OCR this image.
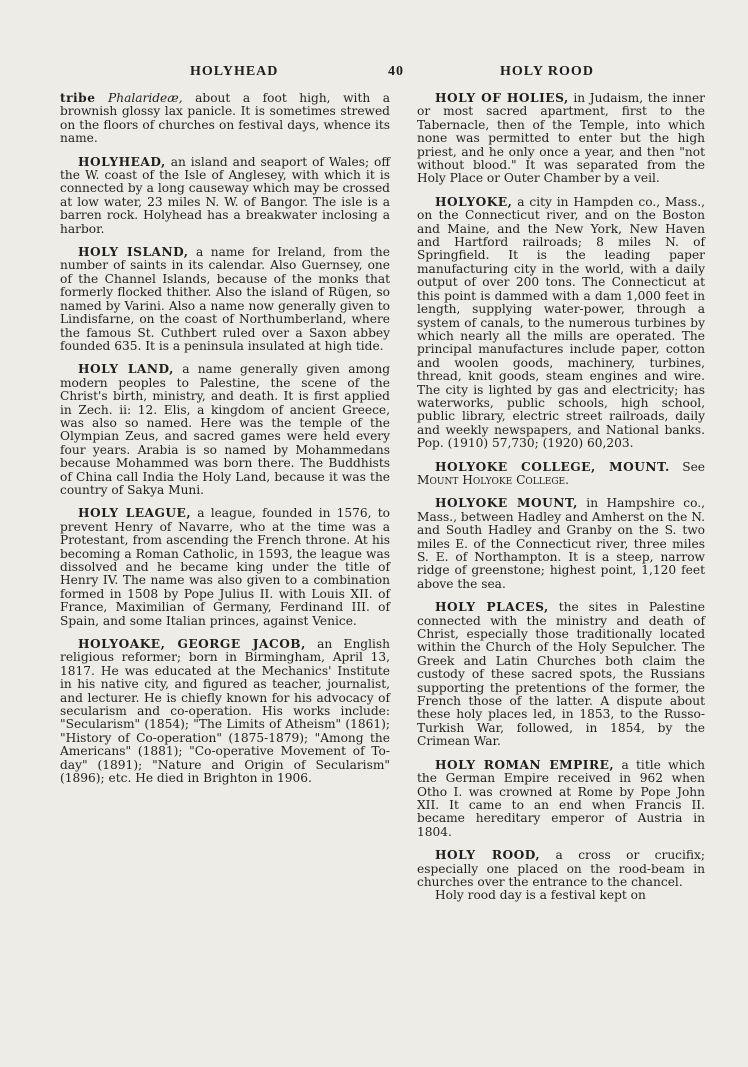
HOLYHEAD	40	HOLY ROOD

tribe Phalarideæ, about a foot high, with a brownish glossy lax panicle. It is sometimes strewed on the floors of churches on festival days, whence its name.

HOLYHEAD, an island and seaport of Wales; off the W. coast of the Isle of Anglesey, with which it is connected by a long causeway which may be crossed at low water, 23 miles N. W. of Bangor. The isle is a barren rock. Holyhead has a breakwater inclosing a harbor.

HOLY ISLAND, a name for Ireland, from the number of saints in its calendar. Also Guernsey, one of the Channel Islands, because of the monks that formerly flocked thither. Also the island of Rügen, so named by Varini. Also a name now generally given to Lindisfarne, on the coast of Northumberland, where the famous St. Cuthbert ruled over a Saxon abbey founded 635. It is a peninsula insulated at high tide.

HOLY LAND, a name generally given among modern peoples to Palestine, the scene of the Christ's birth, ministry, and death. It is first applied in Zech. ii: 12. Elis, a kingdom of ancient Greece, was also so named. Here was the temple of the Olympian Zeus, and sacred games were held every four years. Arabia is so named by Mohammedans because Mohammed was born there. The Buddhists of China call India the Holy Land, because it was the country of Sakya Muni.

HOLY LEAGUE, a league, founded in 1576, to prevent Henry of Navarre, who at the time was a Protestant, from ascending the French throne. At his becoming a Roman Catholic, in 1593, the league was dissolved and he became king under the title of Henry IV. The name was also given to a combination formed in 1508 by Pope Julius II. with Louis XII. of France, Maximilian of Germany, Ferdinand III. of Spain, and some Italian princes, against Venice.

HOLYOAKE, GEORGE JACOB, an English religious reformer; born in Birmingham, April 13, 1817. He was educated at the Mechanics' Institute in his native city, and figured as teacher, journalist, and lecturer. He is chiefly known for his advocacy of secularism and co-operation. His works include: "Secularism" (1854); "The Limits of Atheism" (1861); "History of Co-operation" (1875-1879); "Among the Americans" (1881); "Co-operative Movement of To-day" (1891); "Nature and Origin of Secularism" (1896); etc. He died in Brighton in 1906.

HOLY OF HOLIES, in Judaism, the inner or most sacred apartment, first to the Tabernacle, then of the Temple, into which none was permitted to enter but the high priest, and he only once a year, and then "not without blood." It was separated from the Holy Place or Outer Chamber by a veil.

HOLYOKE, a city in Hampden co., Mass., on the Connecticut river, and on the Boston and Maine, and the New York, New Haven and Hartford railroads; 8 miles N. of Springfield. It is the leading paper manufacturing city in the world, with a daily output of over 200 tons. The Connecticut at this point is dammed with a dam 1,000 feet in length, supplying water-power, through a system of canals, to the numerous turbines by which nearly all the mills are operated. The principal manufactures include paper, cotton and woolen goods, machinery, turbines, thread, knit goods, steam engines and wire. The city is lighted by gas and electricity; has waterworks, public schools, high school, public library, electric street railroads, daily and weekly newspapers, and National banks. Pop. (1910) 57,730; (1920) 60,203.

HOLYOKE COLLEGE, MOUNT. See Mount Holyoke College.

HOLYOKE MOUNT, in Hampshire co., Mass., between Hadley and Amherst on the N. and South Hadley and Granby on the S. two miles E. of the Connecticut river, three miles S. E. of Northampton. It is a steep, narrow ridge of greenstone; highest point, 1,120 feet above the sea.

HOLY PLACES, the sites in Palestine connected with the ministry and death of Christ, especially those traditionally located within the Church of the Holy Sepulcher. The Greek and Latin Churches both claim the custody of these sacred spots, the Russians supporting the pretentions of the former, the French those of the latter. A dispute about these holy places led, in 1853, to the Russo-Turkish War, followed, in 1854, by the Crimean War.

HOLY ROMAN EMPIRE, a title which the German Empire received in 962 when Otho I. was crowned at Rome by Pope John XII. It came to an end when Francis II. became hereditary emperor of Austria in 1804.

HOLY ROOD, a cross or crucifix; especially one placed on the rood-beam in churches over the entrance to the chancel.

Holy rood day is a festival kept on
